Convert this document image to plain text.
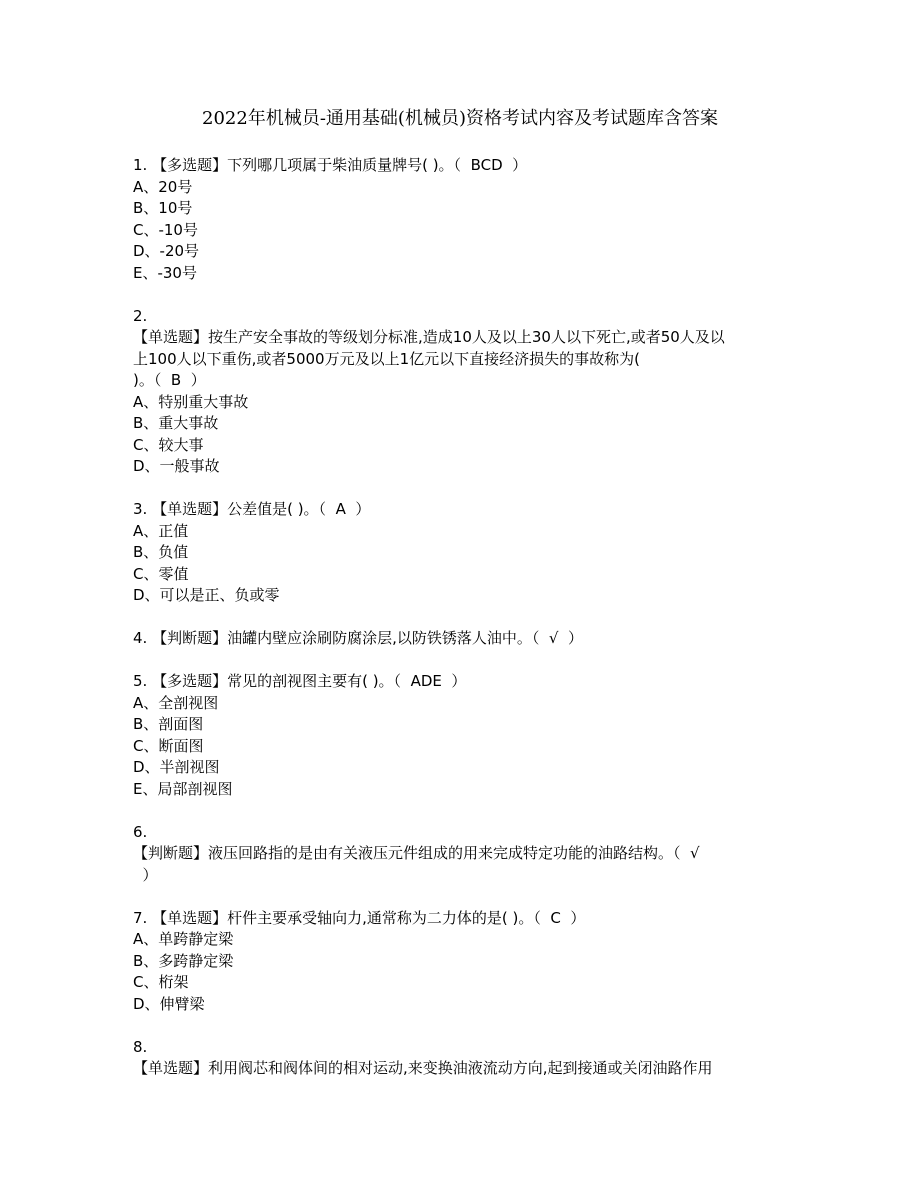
2022年机械员-通用基础(机械员)资格考试内容及考试题库含答案
1. 【多选题】下列哪几项属于柴油质量牌号( )。（  BCD  ）
A、20号
B、10号
C、-10号
D、-20号
E、-30号
2.
【单选题】按生产安全事故的等级划分标准,造成10人及以上30人以下死亡,或者50人及以
上100人以下重伤,或者5000万元及以上1亿元以下直接经济损失的事故称为(
)。（  B  ）
A、特别重大事故
B、重大事故
C、较大事
D、一般事故
3. 【单选题】公差值是( )。（  A  ）
A、正值
B、负值
C、零值
D、可以是正、负或零
4. 【判断题】油罐内壁应涂刷防腐涂层,以防铁锈落人油中。（  √  ）
5. 【多选题】常见的剖视图主要有( )。（  ADE  ）
A、全剖视图
B、剖面图
C、断面图
D、半剖视图
E、局部剖视图
6.
【判断题】液压回路指的是由有关液压元件组成的用来完成特定功能的油路结构。（  √
）
7. 【单选题】杆件主要承受轴向力,通常称为二力体的是( )。（  C  ）
A、单跨静定梁
B、多跨静定梁
C、桁架
D、伸臂梁
8.
【单选题】利用阀芯和阀体间的相对运动,来变换油液流动方向,起到接通或关闭油路作用
